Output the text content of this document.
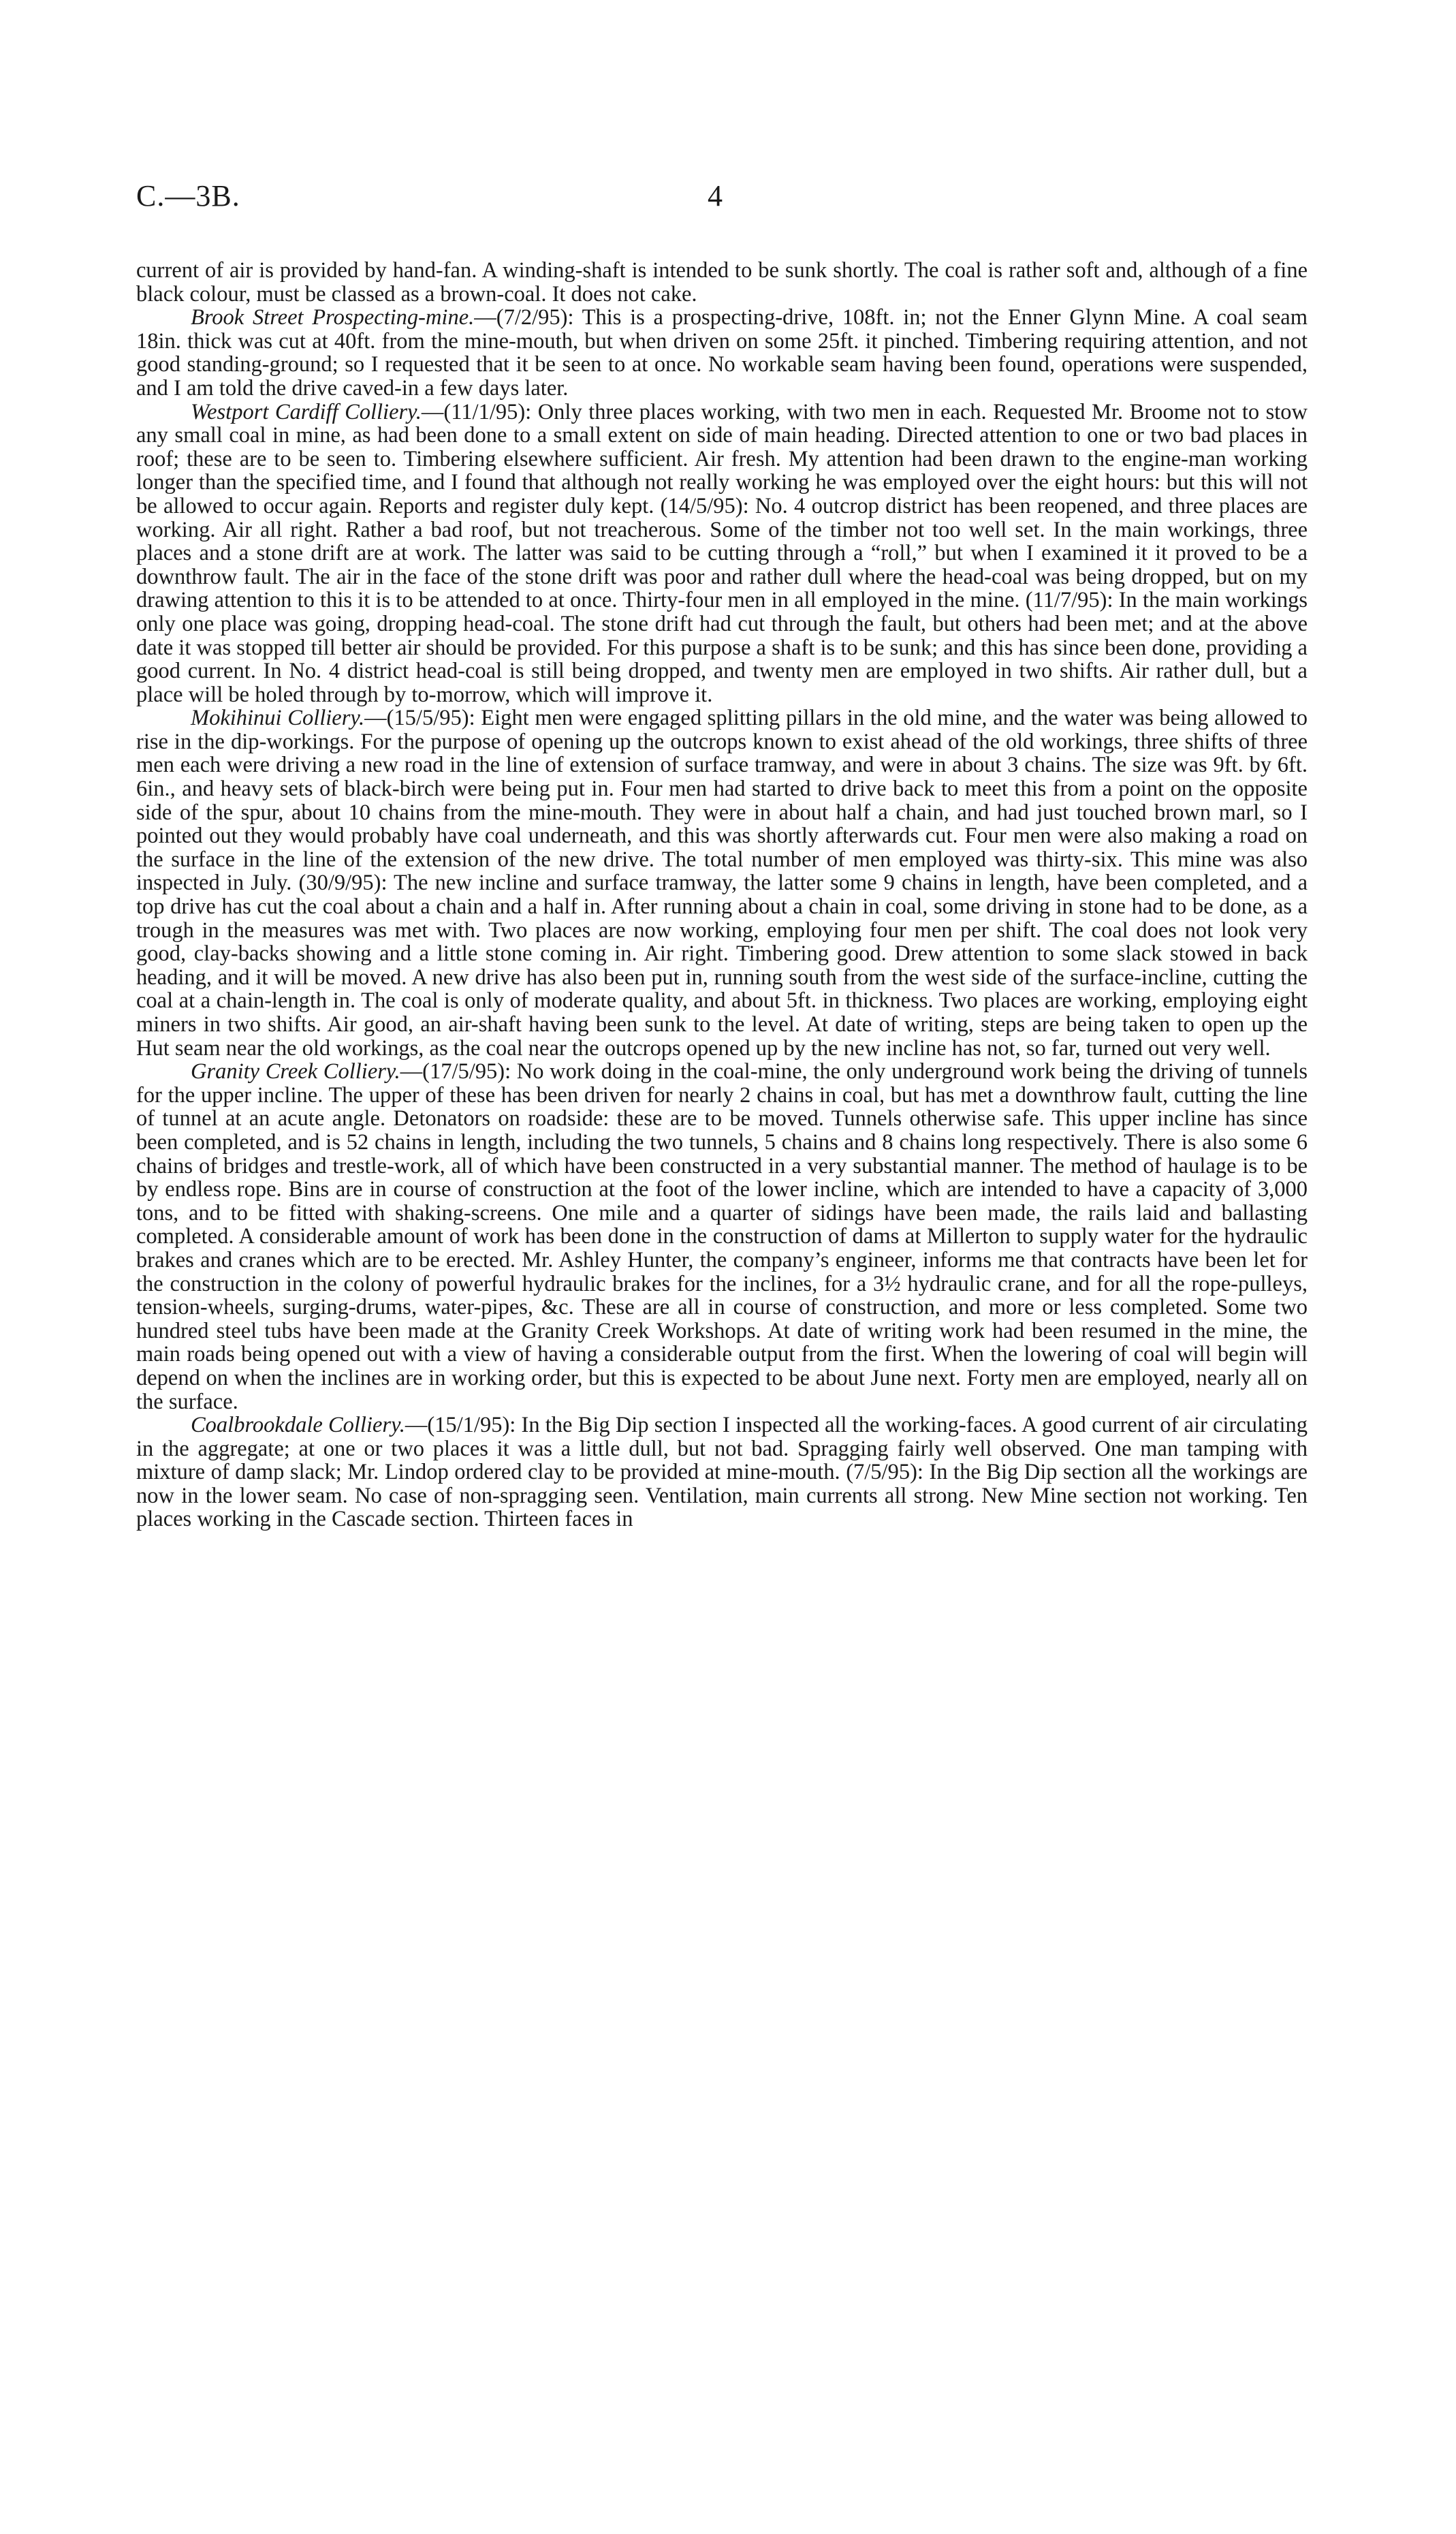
C.—3B.	4

current of air is provided by hand-fan. A winding-shaft is intended to be sunk shortly. The coal is rather soft and, although of a fine black colour, must be classed as a brown-coal. It does not cake.

Brook Street Prospecting-mine.—(7/2/95): This is a prospecting-drive, 108ft. in; not the Enner Glynn Mine. A coal seam 18in. thick was cut at 40ft. from the mine-mouth, but when driven on some 25ft. it pinched. Timbering requiring attention, and not good standing-ground; so I requested that it be seen to at once. No workable seam having been found, operations were suspended, and I am told the drive caved-in a few days later.

Westport Cardiff Colliery.—(11/1/95): Only three places working, with two men in each. Requested Mr. Broome not to stow any small coal in mine, as had been done to a small extent on side of main heading. Directed attention to one or two bad places in roof; these are to be seen to. Timbering elsewhere sufficient. Air fresh. My attention had been drawn to the engine-man working longer than the specified time, and I found that although not really working he was employed over the eight hours: but this will not be allowed to occur again. Reports and register duly kept. (14/5/95): No. 4 outcrop district has been reopened, and three places are working. Air all right. Rather a bad roof, but not treacherous. Some of the timber not too well set. In the main workings, three places and a stone drift are at work. The latter was said to be cutting through a “roll,” but when I examined it it proved to be a downthrow fault. The air in the face of the stone drift was poor and rather dull where the head-coal was being dropped, but on my drawing attention to this it is to be attended to at once. Thirty-four men in all employed in the mine. (11/7/95): In the main workings only one place was going, dropping head-coal. The stone drift had cut through the fault, but others had been met; and at the above date it was stopped till better air should be provided. For this purpose a shaft is to be sunk; and this has since been done, providing a good current. In No. 4 district head-coal is still being dropped, and twenty men are employed in two shifts. Air rather dull, but a place will be holed through by to-morrow, which will improve it.

Mokihinui Colliery.—(15/5/95): Eight men were engaged splitting pillars in the old mine, and the water was being allowed to rise in the dip-workings. For the purpose of opening up the outcrops known to exist ahead of the old workings, three shifts of three men each were driving a new road in the line of extension of surface tramway, and were in about 3 chains. The size was 9ft. by 6ft. 6in., and heavy sets of black-birch were being put in. Four men had started to drive back to meet this from a point on the opposite side of the spur, about 10 chains from the mine-mouth. They were in about half a chain, and had just touched brown marl, so I pointed out they would probably have coal underneath, and this was shortly afterwards cut. Four men were also making a road on the surface in the line of the extension of the new drive. The total number of men employed was thirty-six. This mine was also inspected in July. (30/9/95): The new incline and surface tramway, the latter some 9 chains in length, have been completed, and a top drive has cut the coal about a chain and a half in. After running about a chain in coal, some driving in stone had to be done, as a trough in the measures was met with. Two places are now working, employing four men per shift. The coal does not look very good, clay-backs showing and a little stone coming in. Air right. Timbering good. Drew attention to some slack stowed in back heading, and it will be moved. A new drive has also been put in, running south from the west side of the surface-incline, cutting the coal at a chain-length in. The coal is only of moderate quality, and about 5ft. in thickness. Two places are working, employing eight miners in two shifts. Air good, an air-shaft having been sunk to the level. At date of writing, steps are being taken to open up the Hut seam near the old workings, as the coal near the outcrops opened up by the new incline has not, so far, turned out very well.

Granity Creek Colliery.—(17/5/95): No work doing in the coal-mine, the only underground work being the driving of tunnels for the upper incline. The upper of these has been driven for nearly 2 chains in coal, but has met a downthrow fault, cutting the line of tunnel at an acute angle. Detonators on roadside: these are to be moved. Tunnels otherwise safe. This upper incline has since been completed, and is 52 chains in length, including the two tunnels, 5 chains and 8 chains long respectively. There is also some 6 chains of bridges and trestle-work, all of which have been constructed in a very substantial manner. The method of haulage is to be by endless rope. Bins are in course of construction at the foot of the lower incline, which are intended to have a capacity of 3,000 tons, and to be fitted with shaking-screens. One mile and a quarter of sidings have been made, the rails laid and ballasting completed. A considerable amount of work has been done in the construction of dams at Millerton to supply water for the hydraulic brakes and cranes which are to be erected. Mr. Ashley Hunter, the company’s engineer, informs me that contracts have been let for the construction in the colony of powerful hydraulic brakes for the inclines, for a 3½ hydraulic crane, and for all the rope-pulleys, tension-wheels, surging-drums, water-pipes, &c. These are all in course of construction, and more or less completed. Some two hundred steel tubs have been made at the Granity Creek Workshops. At date of writing work had been resumed in the mine, the main roads being opened out with a view of having a considerable output from the first. When the lowering of coal will begin will depend on when the inclines are in working order, but this is expected to be about June next. Forty men are employed, nearly all on the surface.

Coalbrookdale Colliery.—(15/1/95): In the Big Dip section I inspected all the working-faces. A good current of air circulating in the aggregate; at one or two places it was a little dull, but not bad. Spragging fairly well observed. One man tamping with mixture of damp slack; Mr. Lindop ordered clay to be provided at mine-mouth. (7/5/95): In the Big Dip section all the workings are now in the lower seam. No case of non-spragging seen. Ventilation, main currents all strong. New Mine section not working. Ten places working in the Cascade section. Thirteen faces in
